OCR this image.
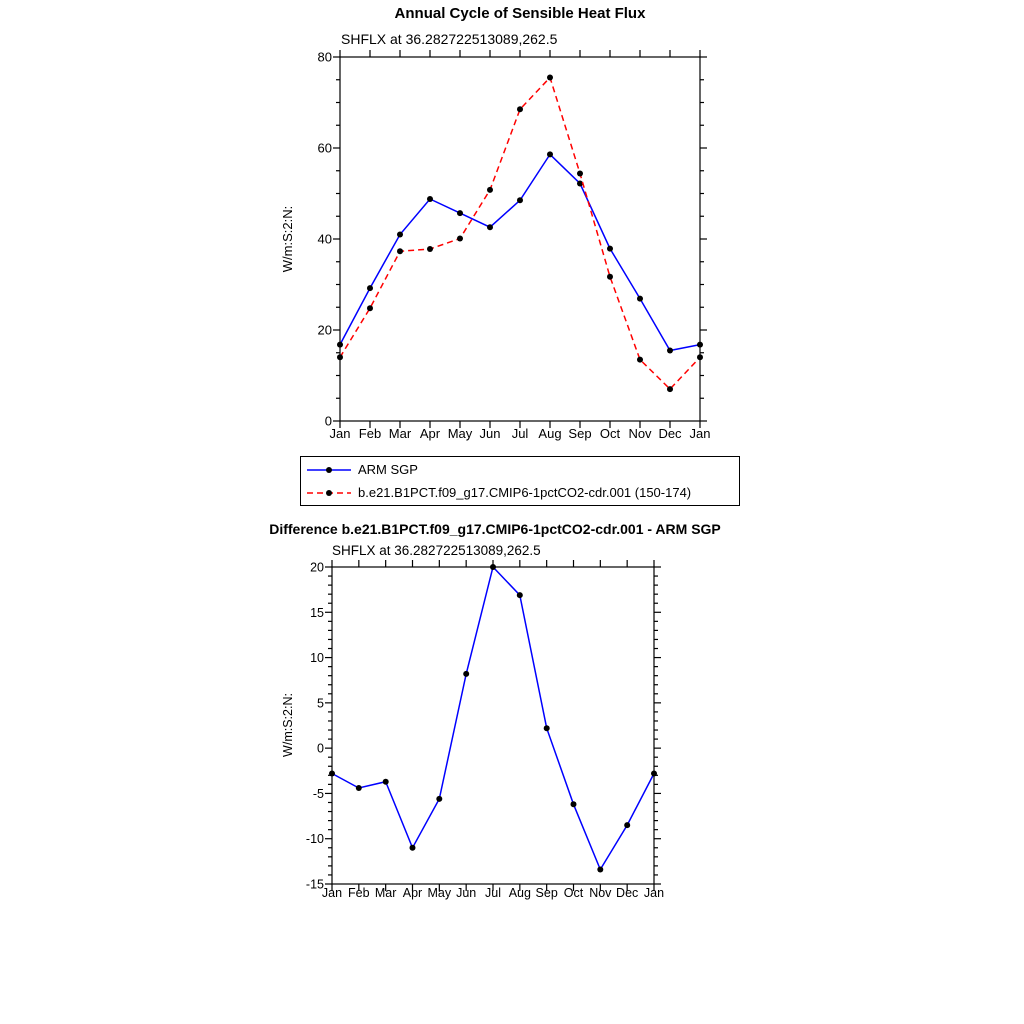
Annual Cycle of Sensible Heat Flux
SHFLX at 36.282722513089,262.5
0
20
40
60
80
Jan Feb Mar Apr May Jun Jul Aug Sep Oct Nov Dec Jan
W/m:S:2:N:
ARM SGP
b.e21.B1PCT.f09_g17.CMIP6-1pctCO2-cdr.001 (150-174)
Difference b.e21.B1PCT.f09_g17.CMIP6-1pctCO2-cdr.001 - ARM SGP
SHFLX at 36.282722513089,262.5
20
15
10
5
0
-5
-10
-15
Jan Feb Mar Apr May Jun Jul Aug Sep Oct Nov Dec Jan
W/m:S:2:N:
